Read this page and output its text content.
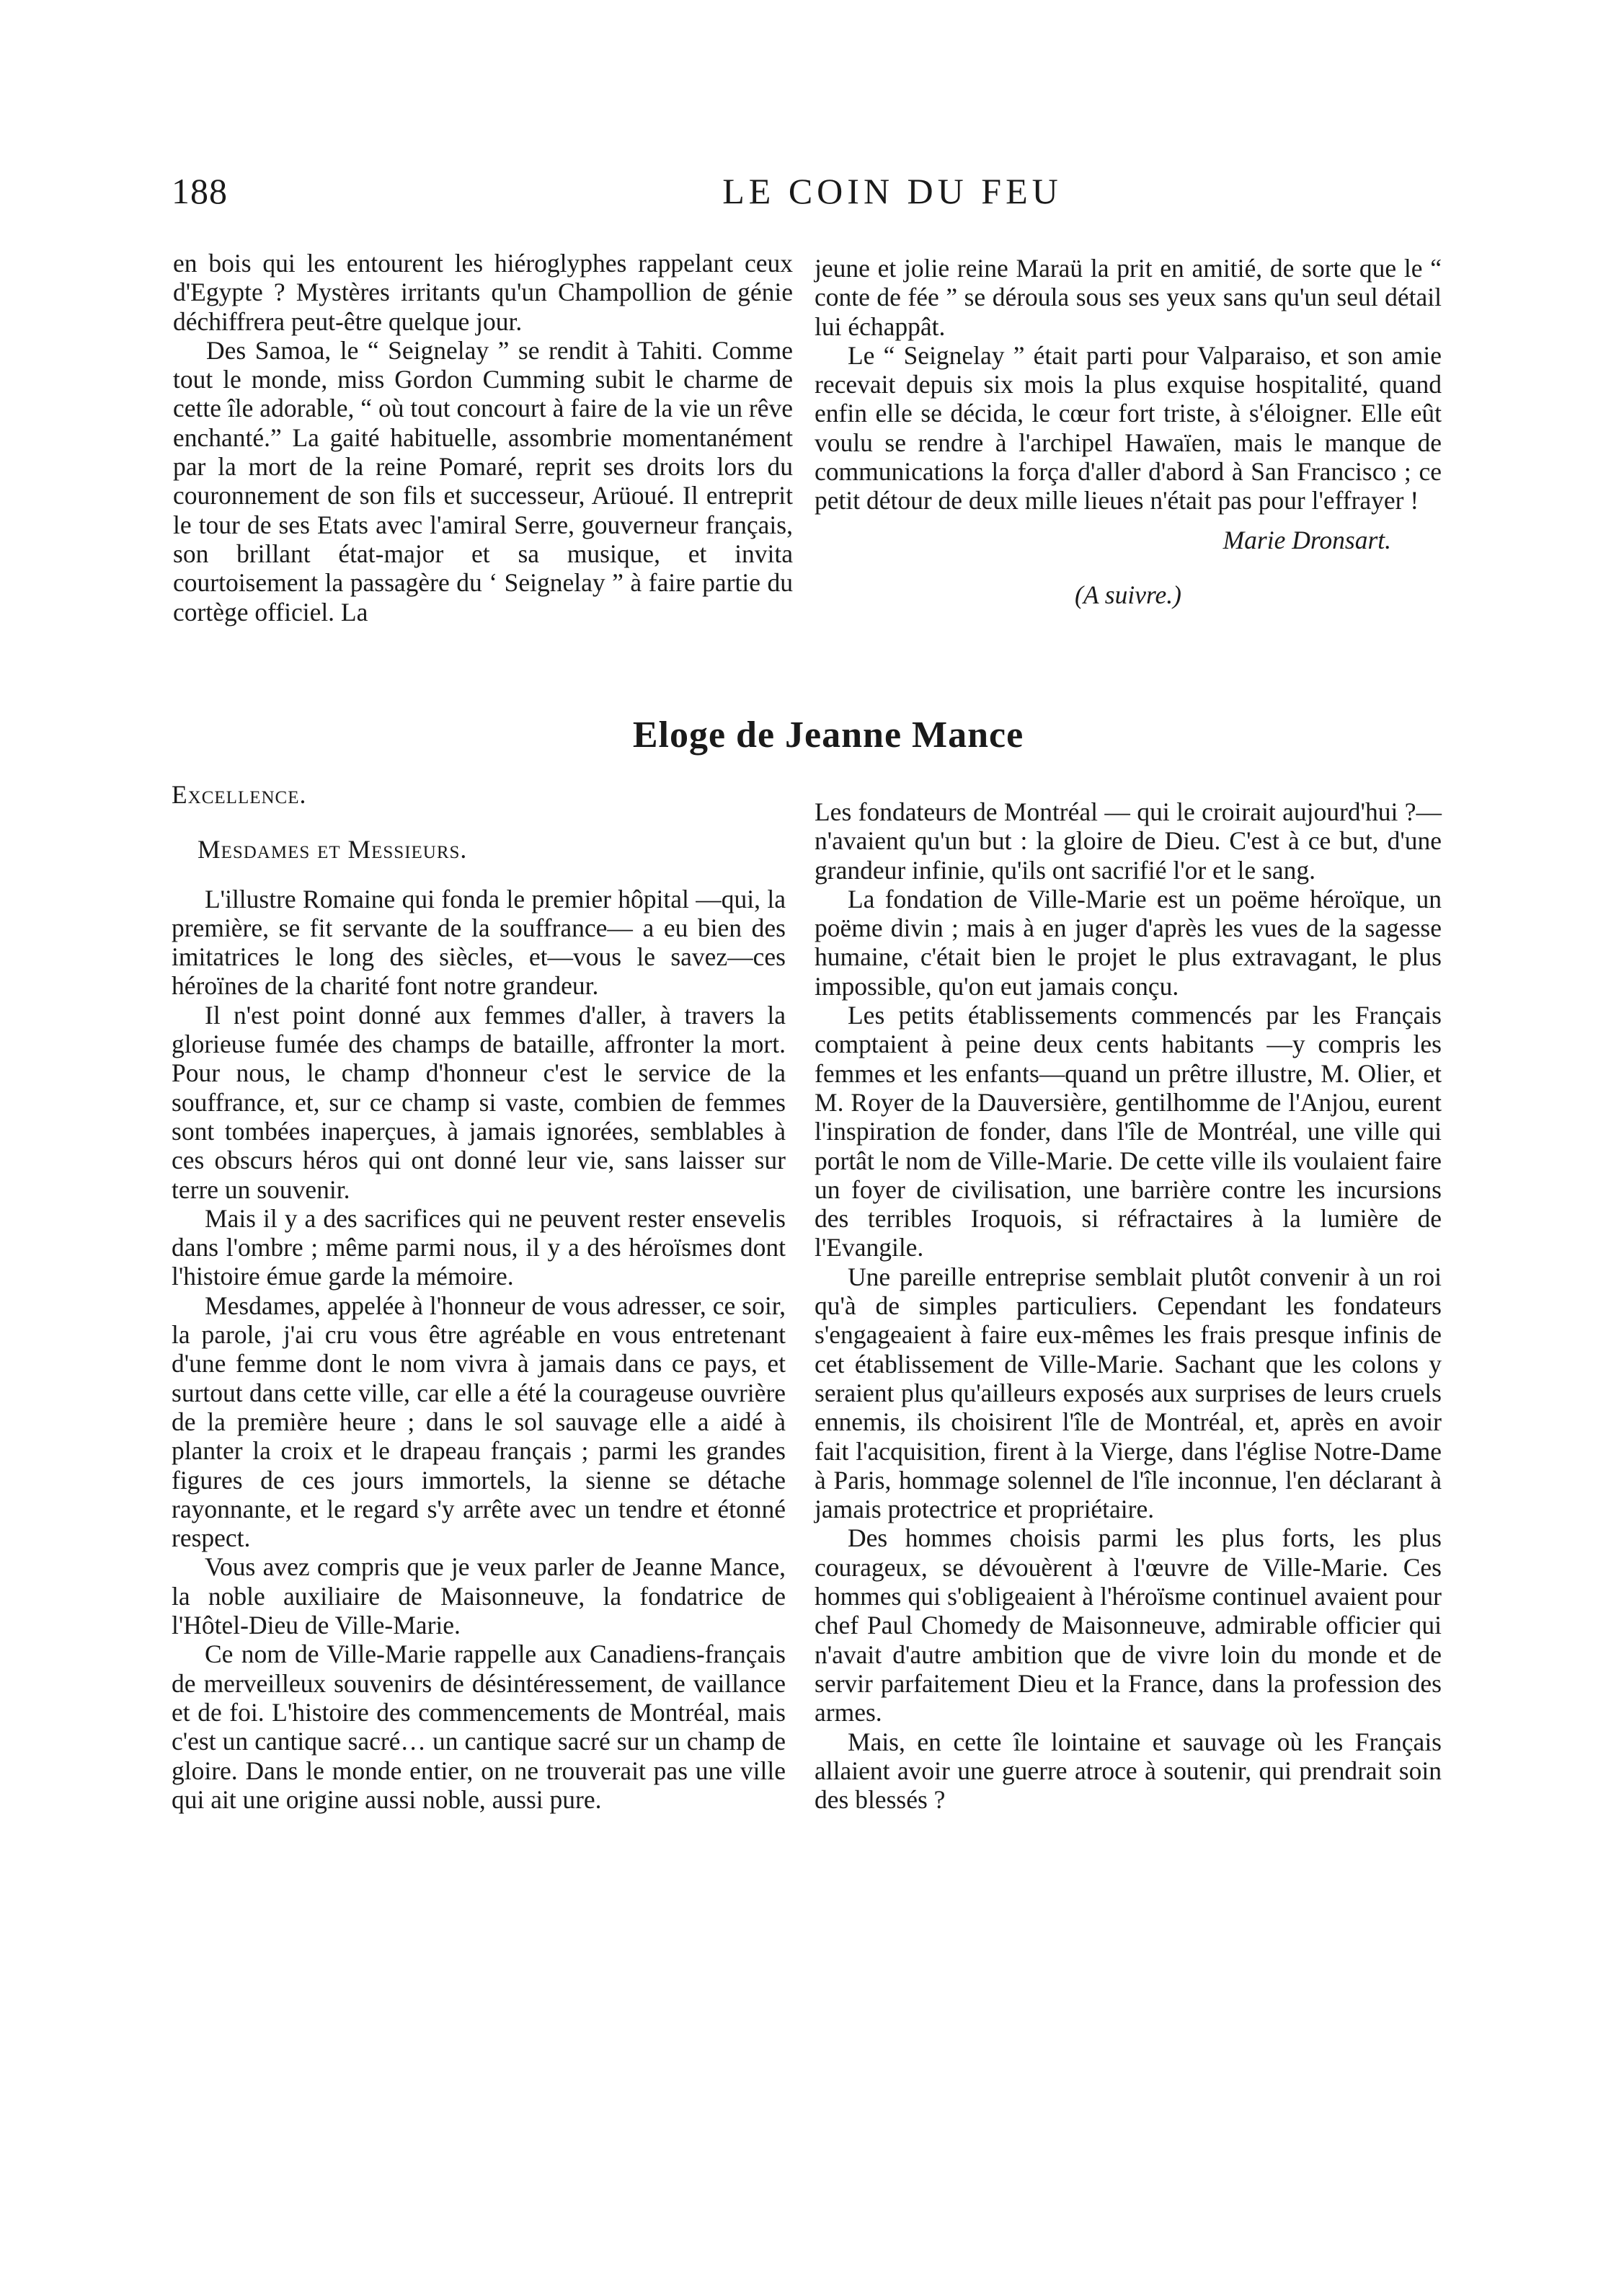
188	LE COIN DU FEU

en bois qui les entourent les hiéroglyphes rappelant ceux d'Egypte ? Mystères irritants qu'un Champollion de génie déchiffrera peut-être quelque jour.

Des Samoa, le “ Seignelay ” se rendit à Tahiti. Comme tout le monde, miss Gordon Cumming subit le charme de cette île adorable, “ où tout concourt à faire de la vie un rêve enchanté.” La gaité habituelle, assombrie momentanément par la mort de la reine Pomaré, reprit ses droits lors du couronnement de son fils et successeur, Arüoué. Il entreprit le tour de ses Etats avec l'amiral Serre, gouverneur français, son brillant état-major et sa musique, et invita courtoisement la passagère du ‘ Seignelay ” à faire partie du cortège officiel. La

jeune et jolie reine Maraü la prit en amitié, de sorte que le “ conte de fée ” se déroula sous ses yeux sans qu'un seul détail lui échappât.

Le “ Seignelay ” était parti pour Valparaiso, et son amie recevait depuis six mois la plus exquise hospitalité, quand enfin elle se décida, le cœur fort triste, à s'éloigner. Elle eût voulu se rendre à l'archipel Hawaïen, mais le manque de communications la força d'aller d'abord à San Francisco ; ce petit détour de deux mille lieues n'était pas pour l'effrayer !

Marie Dronsart.

(A suivre.)

Eloge de Jeanne Mance

Excellence.

Mesdames et Messieurs.

L'illustre Romaine qui fonda le premier hôpital —qui, la première, se fit servante de la souffrance— a eu bien des imitatrices le long des siècles, et—vous le savez—ces héroïnes de la charité font notre grandeur.

Il n'est point donné aux femmes d'aller, à travers la glorieuse fumée des champs de bataille, affronter la mort. Pour nous, le champ d'honneur c'est le service de la souffrance, et, sur ce champ si vaste, combien de femmes sont tombées inaperçues, à jamais ignorées, semblables à ces obscurs héros qui ont donné leur vie, sans laisser sur terre un souvenir.

Mais il y a des sacrifices qui ne peuvent rester ensevelis dans l'ombre ; même parmi nous, il y a des héroïsmes dont l'histoire émue garde la mémoire.

Mesdames, appelée à l'honneur de vous adresser, ce soir, la parole, j'ai cru vous être agréable en vous entretenant d'une femme dont le nom vivra à jamais dans ce pays, et surtout dans cette ville, car elle a été la courageuse ouvrière de la première heure ; dans le sol sauvage elle a aidé à planter la croix et le drapeau français ; parmi les grandes figures de ces jours immortels, la sienne se détache rayonnante, et le regard s'y arrête avec un tendre et étonné respect.

Vous avez compris que je veux parler de Jeanne Mance, la noble auxiliaire de Maisonneuve, la fondatrice de l'Hôtel-Dieu de Ville-Marie.

Ce nom de Ville-Marie rappelle aux Canadiens-français de merveilleux souvenirs de désintéressement, de vaillance et de foi. L'histoire des commencements de Montréal, mais c'est un cantique sacré… un cantique sacré sur un champ de gloire. Dans le monde entier, on ne trouverait pas une ville qui ait une origine aussi noble, aussi pure.

Les fondateurs de Montréal — qui le croirait aujourd'hui ?—n'avaient qu'un but : la gloire de Dieu. C'est à ce but, d'une grandeur infinie, qu'ils ont sacrifié l'or et le sang.

La fondation de Ville-Marie est un poëme héroïque, un poëme divin ; mais à en juger d'après les vues de la sagesse humaine, c'était bien le projet le plus extravagant, le plus impossible, qu'on eut jamais conçu.

Les petits établissements commencés par les Français comptaient à peine deux cents habitants —y compris les femmes et les enfants—quand un prêtre illustre, M. Olier, et M. Royer de la Dauversière, gentilhomme de l'Anjou, eurent l'inspiration de fonder, dans l'île de Montréal, une ville qui portât le nom de Ville-Marie. De cette ville ils voulaient faire un foyer de civilisation, une barrière contre les incursions des terribles Iroquois, si réfractaires à la lumière de l'Evangile.

Une pareille entreprise semblait plutôt convenir à un roi qu'à de simples particuliers. Cependant les fondateurs s'engageaient à faire eux-mêmes les frais presque infinis de cet établissement de Ville-Marie. Sachant que les colons y seraient plus qu'ailleurs exposés aux surprises de leurs cruels ennemis, ils choisirent l'île de Montréal, et, après en avoir fait l'acquisition, firent à la Vierge, dans l'église Notre-Dame à Paris, hommage solennel de l'île inconnue, l'en déclarant à jamais protectrice et propriétaire.

Des hommes choisis parmi les plus forts, les plus courageux, se dévouèrent à l'œuvre de Ville-Marie. Ces hommes qui s'obligeaient à l'héroïsme continuel avaient pour chef Paul Chomedy de Maisonneuve, admirable officier qui n'avait d'autre ambition que de vivre loin du monde et de servir parfaitement Dieu et la France, dans la profession des armes.

Mais, en cette île lointaine et sauvage où les Français allaient avoir une guerre atroce à soutenir, qui prendrait soin des blessés ?
